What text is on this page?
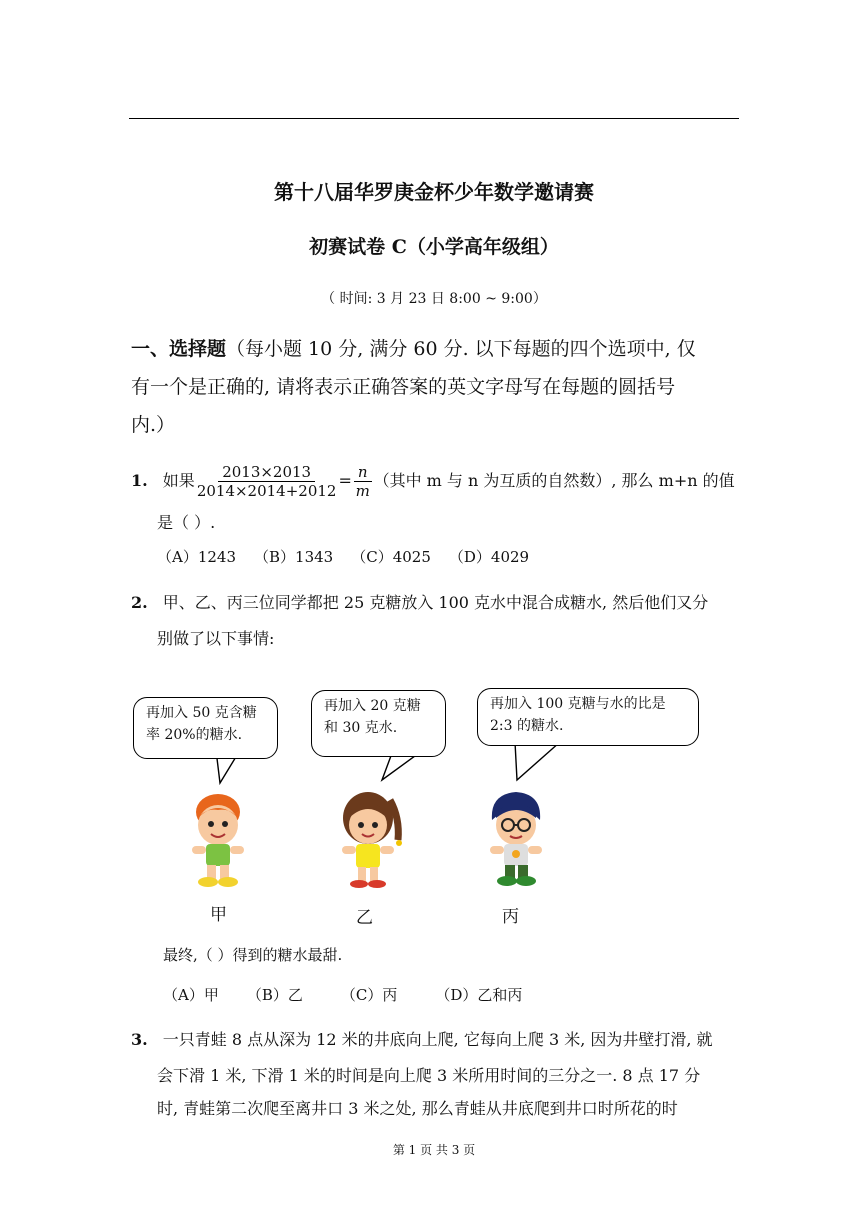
第十八届华罗庚金杯少年数学邀请赛
初赛试卷 C（小学高年级组）
（ 时间: 3 月 23 日 8:00 ~ 9:00）
一、选择题（每小题 10 分, 满分 60 分. 以下每题的四个选项中, 仅
有一个是正确的, 请将表示正确答案的英文字母写在每题的圆括号
内.）
1. 如果 $\frac{2013\times 2013}{2014\times 2014+2012} = \frac{n}{m}$ （其中 m 与 n 为互质的自然数）, 那么 m+n 的值
是（ ）.
（A）1243 （B）1343 （C）4025 （D）4029
2. 甲、乙、丙三位同学都把 25 克糖放入 100 克水中混合成糖水, 然后他们又分
别做了以下事情:
再加入 50 克含糖
率 20%的糖水.
再加入 20 克糖
和 30 克水.
再加入 100 克糖与水的比是
2:3 的糖水.
甲	乙	丙
最终,（ ）得到的糖水最甜.
（A）甲 （B）乙	（C）丙	（D）乙和丙
3. 一只青蛙 8 点从深为 12 米的井底向上爬, 它每向上爬 3 米, 因为井壁打滑, 就
会下滑 1 米, 下滑 1 米的时间是向上爬 3 米所用时间的三分之一. 8 点 17 分
时, 青蛙第二次爬至离井口 3 米之处, 那么青蛙从井底爬到井口时所花的时
第 1 页 共 3 页
